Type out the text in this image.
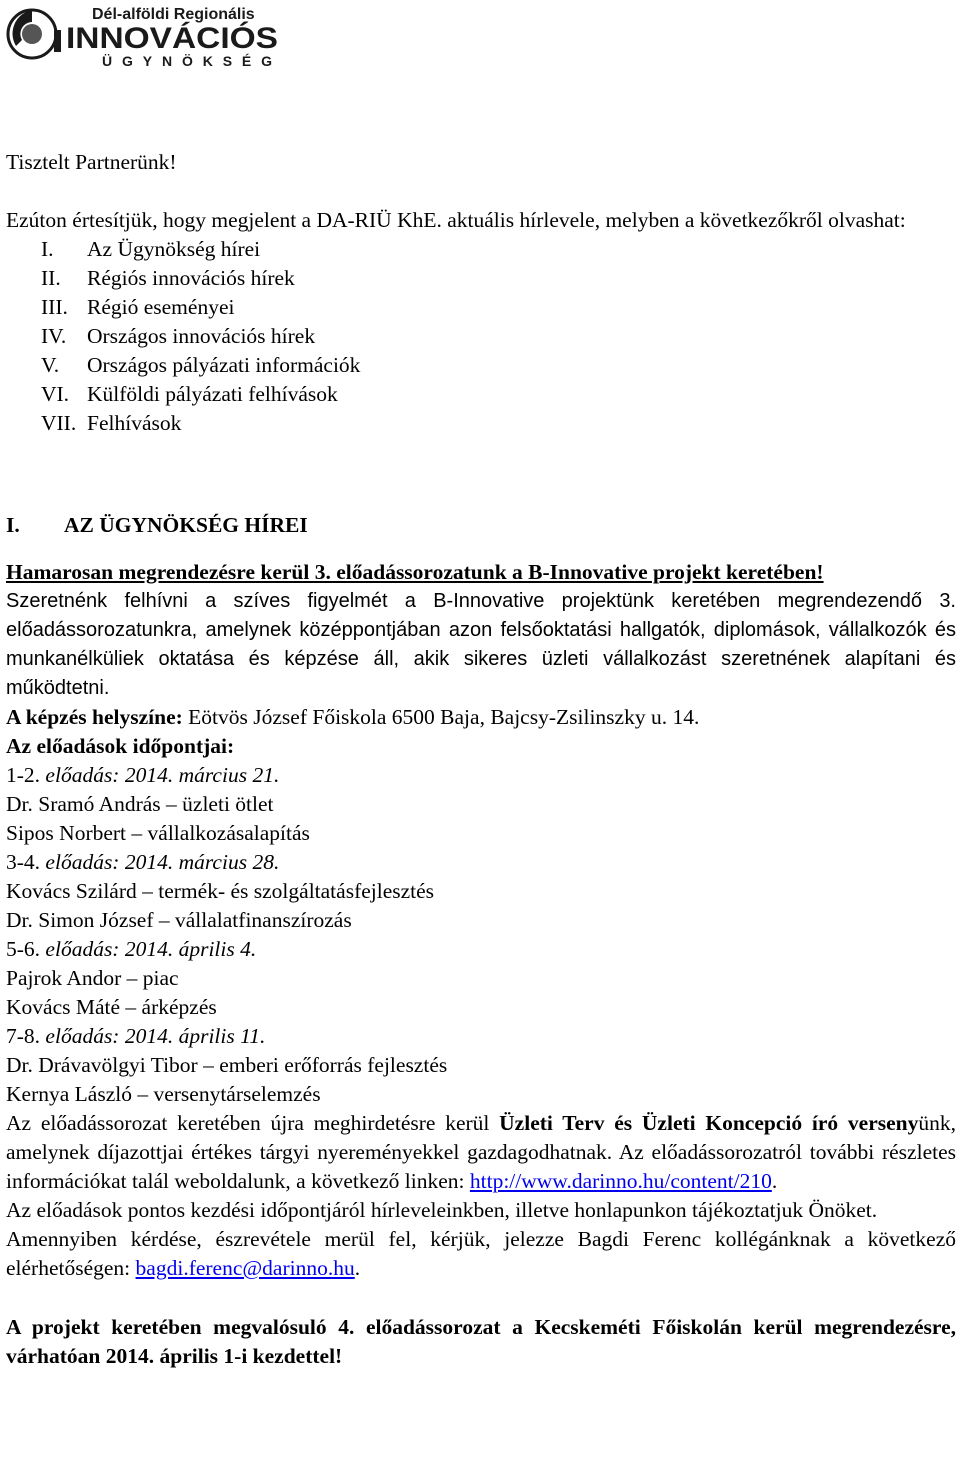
Dél-alföldi Regionális
INNOVÁCIÓS
ÜGYNÖKSÉG

Tisztelt Partnerünk!

Ezúton értesítjük, hogy megjelent a DA-RIÜ KhE. aktuális hírlevele, melyben a következőkről olvashat:

I.	Az Ügynökség hírei
II.	Régiós innovációs hírek
III. Régió eseményei
IV. Országos innovációs hírek
V.	Országos pályázati információk
VI. Külföldi pályázati felhívások
VII. Felhívások
I.	AZ ÜGYNÖKSÉG HÍREI

Hamarosan megrendezésre kerül 3. előadássorozatunk a B-Innovative projekt keretében!

Szeretnénk felhívni a szíves figyelmét a B-Innovative projektünk keretében megrendezendő 3. előadássorozatunkra, amelynek középpontjában azon felsőoktatási hallgatók, diplomások, vállalkozók és munkanélküliek oktatása és képzése áll, akik sikeres üzleti vállalkozást szeretnének alapítani és működtetni.

A képzés helyszíne: Eötvös József Főiskola 6500 Baja, Bajcsy-Zsilinszky u. 14.

Az előadások időpontjai:

1-2. előadás: 2014. március 21.

Dr. Sramó András – üzleti ötlet

Sipos Norbert – vállalkozásalapítás

3-4. előadás: 2014. március 28.

Kovács Szilárd – termék- és szolgáltatásfejlesztés

Dr. Simon József – vállalatfinanszírozás

5-6. előadás: 2014. április 4.

Pajrok Andor – piac

Kovács Máté – árképzés

7-8. előadás: 2014. április 11.

Dr. Drávavölgyi Tibor – emberi erőforrás fejlesztés

Kernya László – versenytárselemzés

Az előadássorozat keretében újra meghirdetésre kerül Üzleti Terv és Üzleti Koncepció író versenyünk, amelynek díjazottjai értékes tárgyi nyereményekkel gazdagodhatnak. Az előadássorozatról további részletes információkat talál weboldalunk, a következő linken: http://www.darinno.hu/content/210.

Az előadások pontos kezdési időpontjáról hírleveleinkben, illetve honlapunkon tájékoztatjuk Önöket.

Amennyiben kérdése, észrevétele merül fel, kérjük, jelezze Bagdi Ferenc kollégánknak a következő elérhetőségen: bagdi.ferenc@darinno.hu.

A projekt keretében megvalósuló 4. előadássorozat a Kecskeméti Főiskolán kerül megrendezésre, várhatóan 2014. április 1-i kezdettel!
